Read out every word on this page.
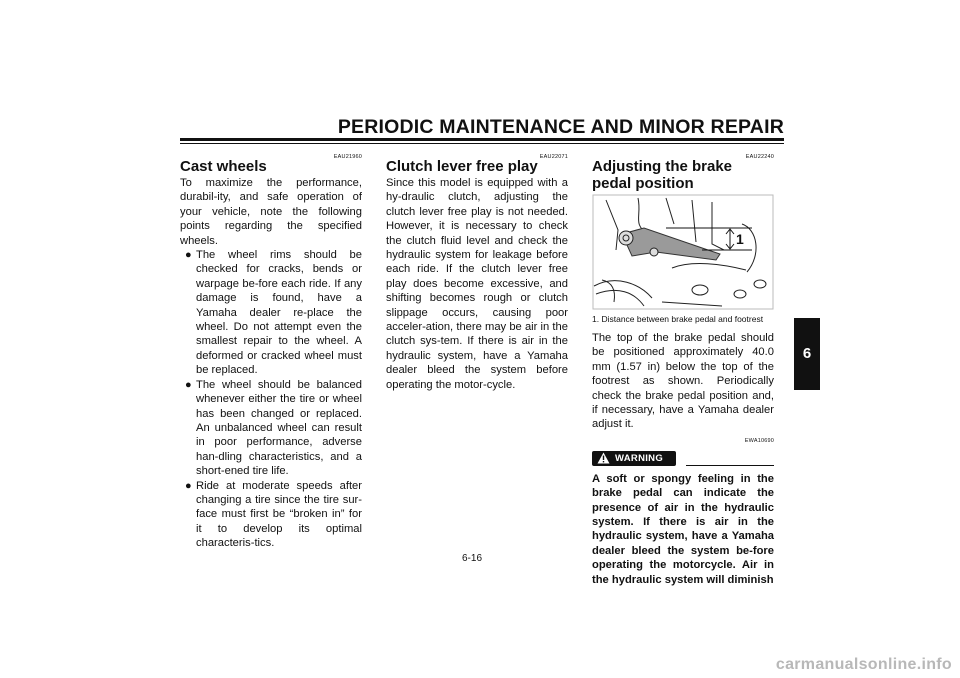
PERIODIC MAINTENANCE AND MINOR REPAIR
6
EAU21960
Cast wheels

To maximize the performance, durabil-ity, and safe operation of your vehicle, note the following points regarding the specified wheels.

● The wheel rims should be checked for cracks, bends or warpage be-fore each ride. If any damage is found, have a Yamaha dealer re-place the wheel. Do not attempt even the smallest repair to the wheel. A deformed or cracked wheel must be replaced.
● The wheel should be balanced whenever either the tire or wheel has been changed or replaced. An unbalanced wheel can result in poor performance, adverse han-dling characteristics, and a short-ened tire life.
● Ride at moderate speeds after changing a tire since the tire sur-face must first be “broken in” for it to develop its optimal characteris-tics.
EAU22071
Clutch lever free play

Since this model is equipped with a hy-draulic clutch, adjusting the clutch lever free play is not needed. However, it is necessary to check the clutch fluid level and check the hydraulic system for leakage before each ride. If the clutch lever free play does become excessive, and shifting becomes rough or clutch slippage occurs, causing poor acceler-ation, there may be air in the clutch sys-tem. If there is air in the hydraulic system, have a Yamaha dealer bleed the system before operating the motor-cycle.

EAU22240
Adjusting the brake pedal position
1
1. Distance between brake pedal and footrest

The top of the brake pedal should be positioned approximately 40.0 mm (1.57 in) below the top of the footrest as shown. Periodically check the brake pedal position and, if necessary, have a Yamaha dealer adjust it.

EWA10690
WARNING

A soft or spongy feeling in the brake pedal can indicate the presence of air in the hydraulic system. If there is air in the hydraulic system, have a Yamaha dealer bleed the system be-fore operating the motorcycle. Air in the hydraulic system will diminish

6-16
carmanualsonline.info
